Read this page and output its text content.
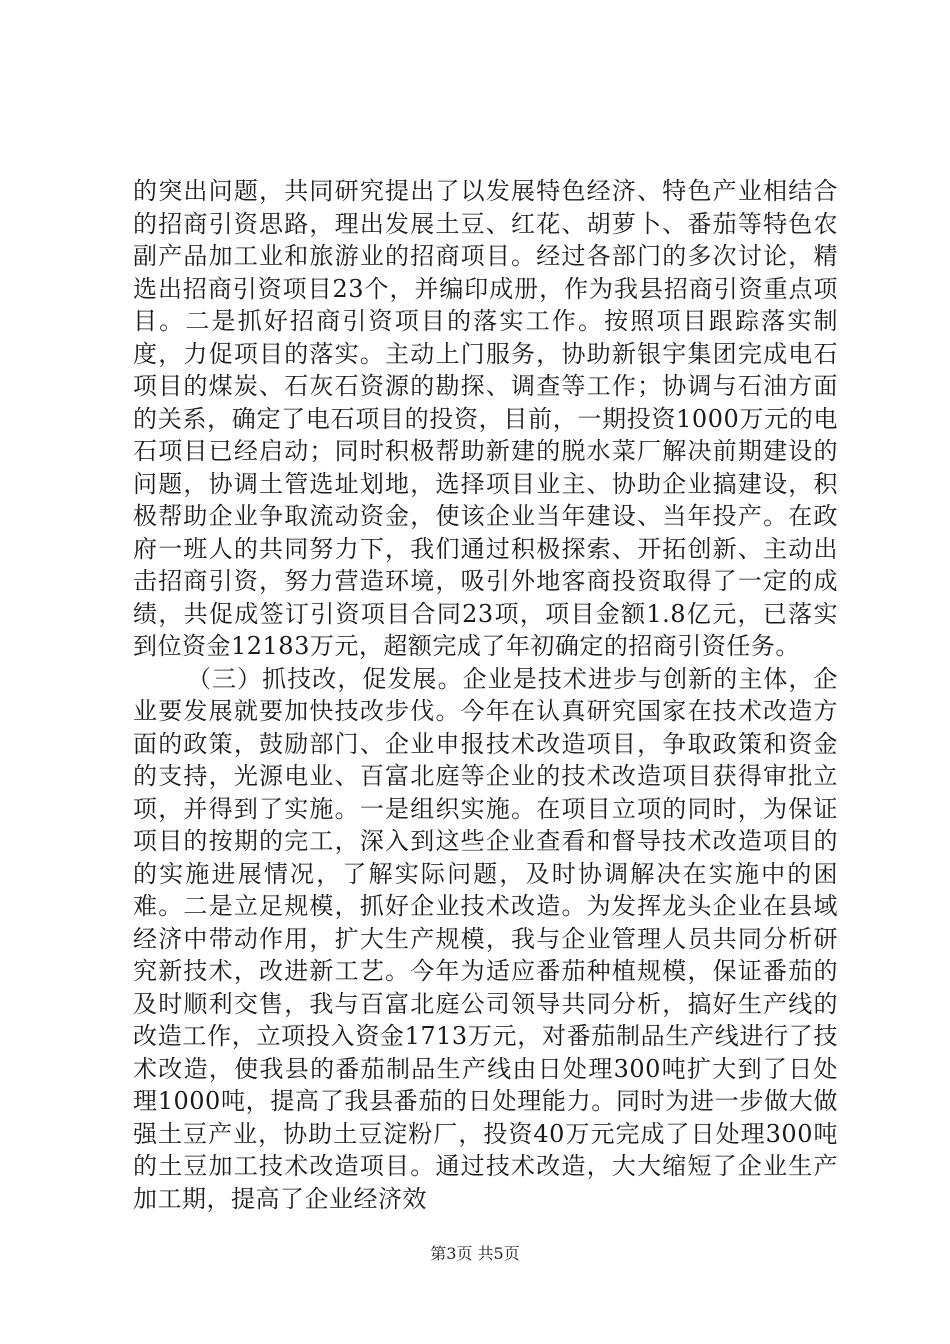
的突出问题，共同研究提出了以发展特色经济、特色产业相结合的招商引资思路，理出发展土豆、红花、胡萝卜、番茄等特色农副产品加工业和旅游业的招商项目。经过各部门的多次讨论，精选出招商引资项目23个，并编印成册，作为我县招商引资重点项目。二是抓好招商引资项目的落实工作。按照项目跟踪落实制度，力促项目的落实。主动上门服务，协助新银宇集团完成电石项目的煤炭、石灰石资源的勘探、调查等工作；协调与石油方面的关系，确定了电石项目的投资，目前，一期投资1000万元的电石项目已经启动；同时积极帮助新建的脱水菜厂解决前期建设的问题，协调土管选址划地，选择项目业主、协助企业搞建设，积极帮助企业争取流动资金，使该企业当年建设、当年投产。在政府一班人的共同努力下，我们通过积极探索、开拓创新、主动出击招商引资，努力营造环境，吸引外地客商投资取得了一定的成绩，共促成签订引资项目合同23项，项目金额1.8亿元，已落实到位资金12183万元，超额完成了年初确定的招商引资任务。

（三）抓技改，促发展。企业是技术进步与创新的主体，企业要发展就要加快技改步伐。今年在认真研究国家在技术改造方面的政策，鼓励部门、企业申报技术改造项目，争取政策和资金的支持，光源电业、百富北庭等企业的技术改造项目获得审批立项，并得到了实施。一是组织实施。在项目立项的同时，为保证项目的按期的完工，深入到这些企业查看和督导技术改造项目的的实施进展情况，了解实际问题，及时协调解决在实施中的困难。二是立足规模，抓好企业技术改造。为发挥龙头企业在县域经济中带动作用，扩大生产规模，我与企业管理人员共同分析研究新技术，改进新工艺。今年为适应番茄种植规模，保证番茄的及时顺利交售，我与百富北庭公司领导共同分析，搞好生产线的改造工作，立项投入资金1713万元，对番茄制品生产线进行了技术改造，使我县的番茄制品生产线由日处理300吨扩大到了日处理1000吨，提高了我县番茄的日处理能力。同时为进一步做大做强土豆产业，协助土豆淀粉厂，投资40万元完成了日处理300吨的土豆加工技术改造项目。通过技术改造，大大缩短了企业生产加工期，提高了企业经济效

第3页 共5页
